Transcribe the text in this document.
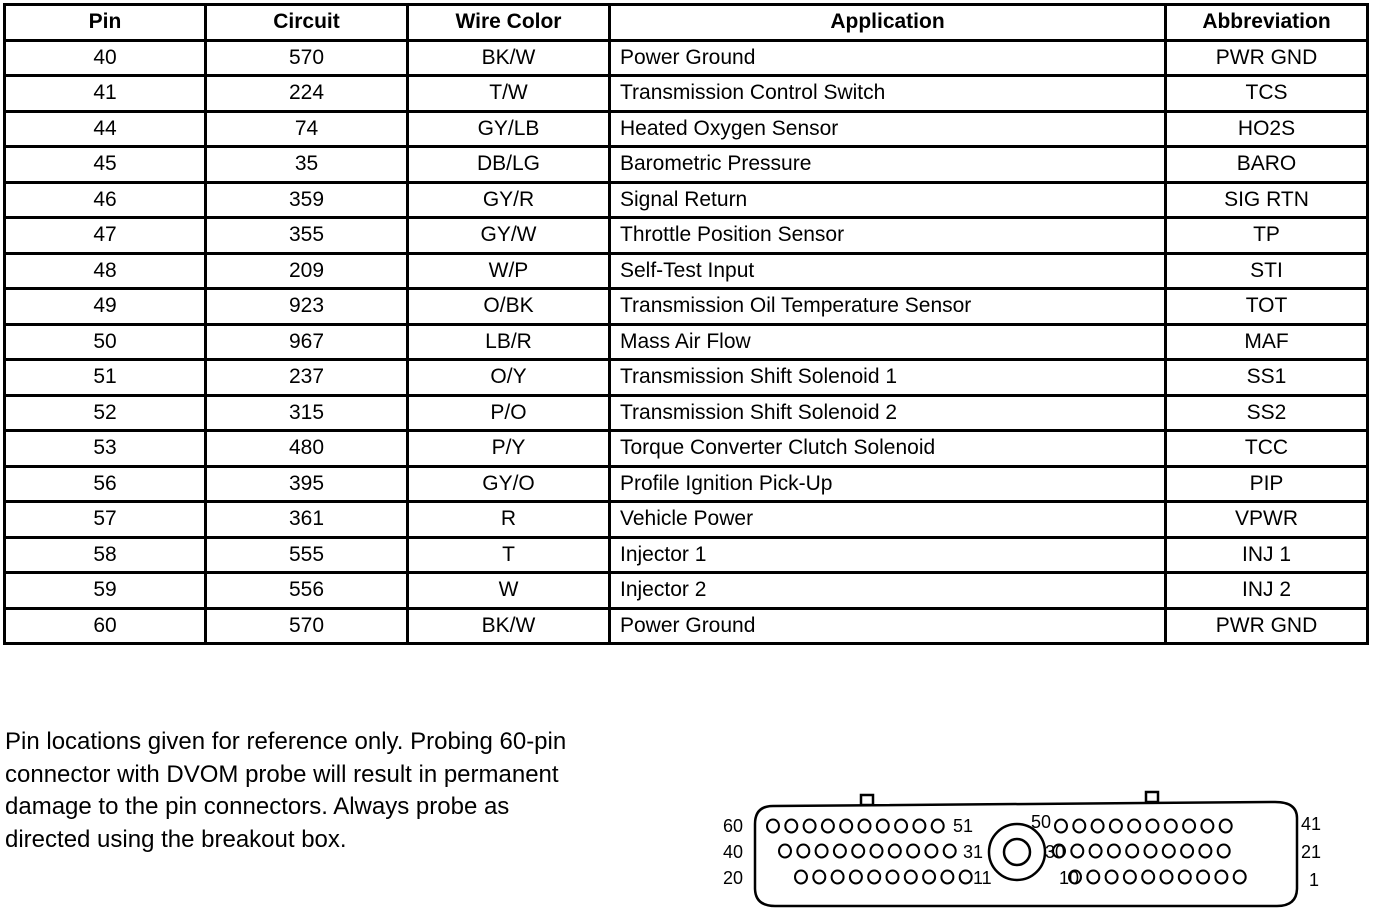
Pin	Circuit	Wire Color	Application	Abbreviation
40	570	BK/W	Power Ground	PWR GND
41	224	T/W	Transmission Control Switch	TCS
44	74	GY/LB	Heated Oxygen Sensor	HO2S
45	35	DB/LG	Barometric Pressure	BARO
46	359	GY/R	Signal Return	SIG RTN
47	355	GY/W	Throttle Position Sensor	TP
48	209	W/P	Self-Test Input	STI
49	923	O/BK	Transmission Oil Temperature Sensor	TOT
50	967	LB/R	Mass Air Flow	MAF
51	237	O/Y	Transmission Shift Solenoid 1	SS1
52	315	P/O	Transmission Shift Solenoid 2	SS2
53	480	P/Y	Torque Converter Clutch Solenoid	TCC
56	395	GY/O	Profile Ignition Pick-Up	PIP
57	361	R	Vehicle Power	VPWR
58	555	T	Injector 1	INJ 1
59	556	W	Injector 2	INJ 2
60	570	BK/W	Power Ground	PWR GND
Pin locations given for reference only. Probing 60-pin
connector with DVOM probe will result in permanent
damage to the pin connectors. Always probe as
directed using the breakout box.	60
40
20
51
31
11
50
30
10
41
21
1
